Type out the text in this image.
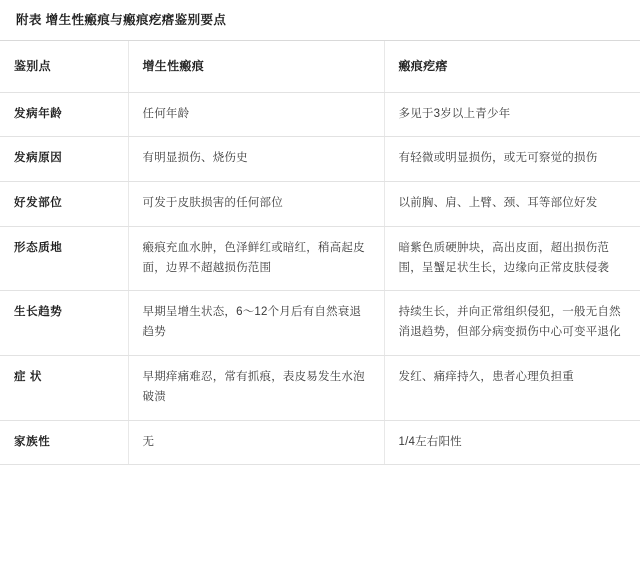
附表 增生性瘢痕与瘢痕疙瘩鉴别要点
鉴别点	增生性瘢痕	瘢痕疙瘩
发病年龄	任何年龄	多见于3岁以上青少年
发病原因	有明显损伤、烧伤史	有轻微或明显损伤，或无可察觉的损伤
好发部位	可发于皮肤损害的任何部位	以前胸、肩、上臂、颈、耳等部位好发
形态质地	瘢痕充血水肿，色泽鲜红或暗红，稍高起皮面，边界不超越损伤范围	暗紫色质硬肿块，高出皮面，超出损伤范围，呈蟹足状生长，边缘向正常皮肤侵袭
生长趋势	早期呈增生状态，6～12个月后有自然衰退趋势	持续生长，并向正常组织侵犯，一般无自然消退趋势，但部分病变损伤中心可变平退化
症 状	早期痒痛难忍，常有抓痕，表皮易发生水泡破溃	发红、痛痒持久，患者心理负担重
家族性	无	1/4左右阳性
